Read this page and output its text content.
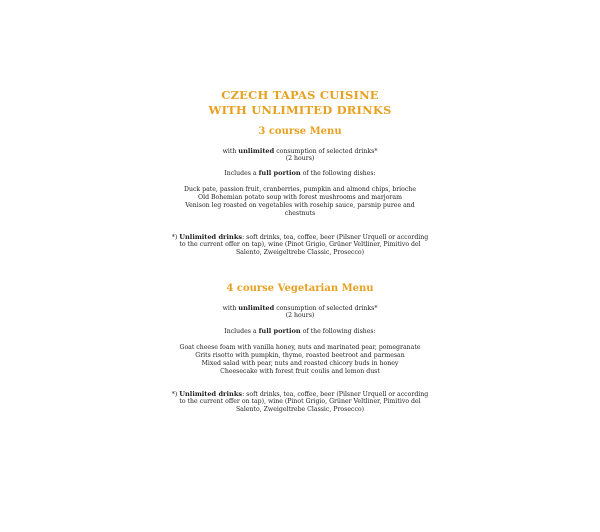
CZECH TAPAS CUISINE
WITH UNLIMITED DRINKS
3 course Menu
with unlimited consumption of selected drinks*
(2 hours)
Includes a full portion of the following dishes:
Duck pate, passion fruit, cranberries, pumpkin and almond chips, brioche
Old Bohemian potato soup with forest mushrooms and marjoram
Venison leg roasted on vegetables with rosehip sauce, parsnip puree and
chestnuts
*) Unlimited drinks: soft drinks, tea, coffee, beer (Pilsner Urquell or according
to the current offer on tap), wine (Pinot Grigio, Grüner Veltliner, Pimitivo del
Salento, Zweigeltrebe Classic, Prosecco)
4 course Vegetarian Menu
with unlimited consumption of selected drinks*
(2 hours)
Includes a full portion of the following dishes:
Goat cheese foam with vanilla honey, nuts and marinated pear, pomegranate
Grits risotto with pumpkin, thyme, roasted beetroot and parmesan
Mixed salad with pear, nuts and roasted chicory buds in honey
Cheesecake with forest fruit coulis and lemon dust
*) Unlimited drinks: soft drinks, tea, coffee, beer (Pilsner Urquell or according
to the current offer on tap), wine (Pinot Grigio, Grüner Veltliner, Pimitivo del
Salento, Zweigeltrebe Classic, Prosecco)
